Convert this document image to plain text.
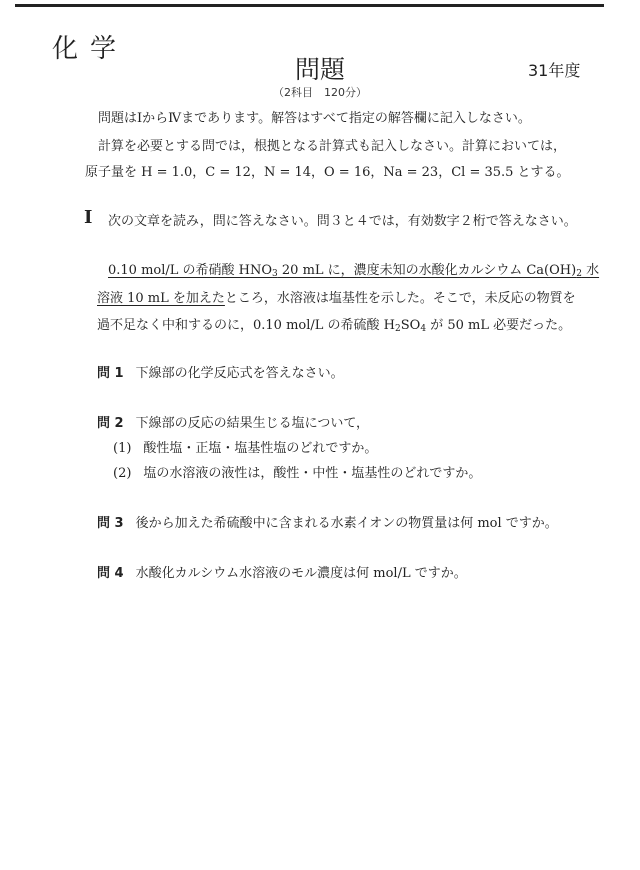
化学
問題
（2科目　120分）
31年度
問題はⅠからⅣまであります。解答はすべて指定の解答欄に記入しなさい。
計算を必要とする問では，根拠となる計算式も記入しなさい。計算においては，
原子量を H = 1.0，C = 12，N = 14，O = 16，Na = 23，Cl = 35.5 とする。
Ⅰ 次の文章を読み，問に答えなさい。問３と４では，有効数字２桁で答えなさい。
0.10 mol/L の希硝酸 $HNO_3$ 20 mL に，濃度未知の水酸化カルシウム $Ca(OH)_2$ 水
溶液 10 mL を加えたところ，水溶液は塩基性を示した。そこで，未反応の物質を
過不足なく中和するのに，0.10 mol/L の希硫酸 $H_2SO_4$ が 50 mL 必要だった。
問 1 下線部の化学反応式を答えなさい。
問 2 下線部の反応の結果生じる塩について，
(1) 酸性塩・正塩・塩基性塩のどれですか。
(2) 塩の水溶液の液性は，酸性・中性・塩基性のどれですか。
問 3 後から加えた希硫酸中に含まれる水素イオンの物質量は何 mol ですか。
問 4 水酸化カルシウム水溶液のモル濃度は何 mol/L ですか。
